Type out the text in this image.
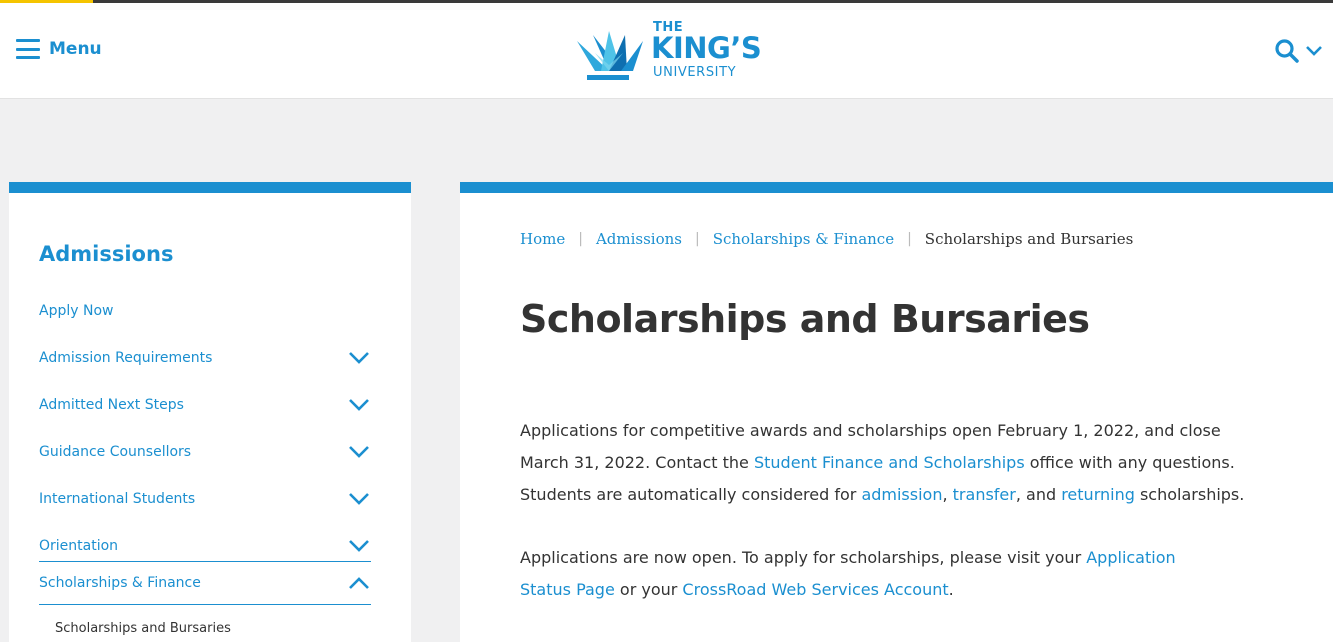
Menu
THE
KING’S
UNIVERSITY
Admissions
Apply Now
Admission Requirements
Admitted Next Steps
Guidance Counsellors
International Students
Orientation
Scholarships & Finance
Scholarships and Bursaries
Home | Admissions | Scholarships & Finance | Scholarships and Bursaries
Scholarships and Bursaries

Applications for competitive awards and scholarships open February 1, 2022, and close March 31, 2022. Contact the Student Finance and Scholarships office with any questions. Students are automatically considered for admission, transfer, and returning scholarships.

Applications are now open. To apply for scholarships, please visit your Application Status Page or your CrossRoad Web Services Account.
